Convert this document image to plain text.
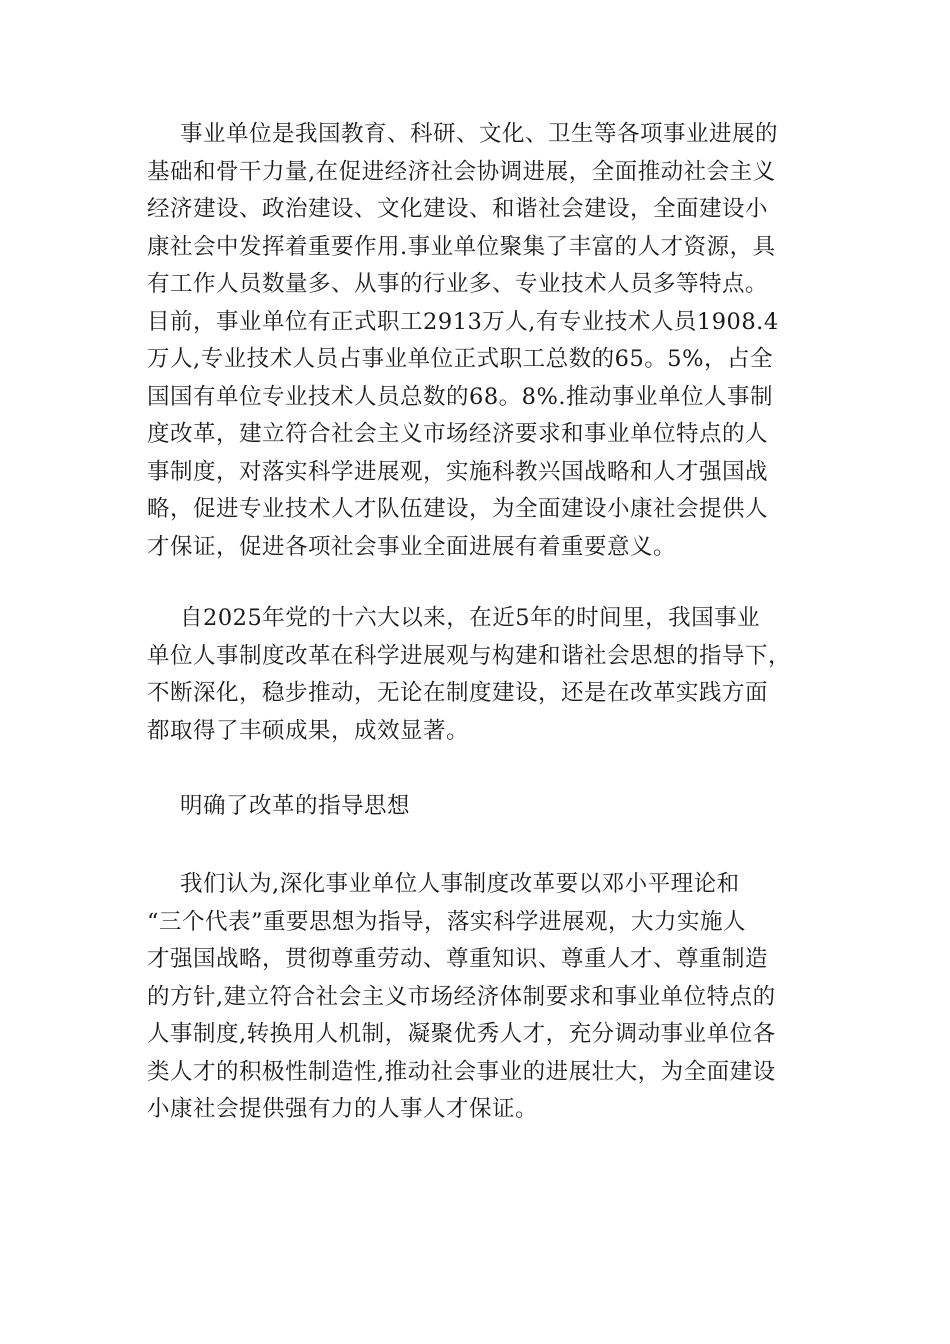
事业单位是我国教育、科研、文化、卫生等各项事业进展的
基础和骨干力量,在促进经济社会协调进展，全面推动社会主义
经济建设、政治建设、文化建设、和谐社会建设，全面建设小
康社会中发挥着重要作用.事业单位聚集了丰富的人才资源，具
有工作人员数量多、从事的行业多、专业技术人员多等特点。
目前，事业单位有正式职工2913万人,有专业技术人员1908.4
万人,专业技术人员占事业单位正式职工总数的65。5%，占全
国国有单位专业技术人员总数的68。8%.推动事业单位人事制
度改革，建立符合社会主义市场经济要求和事业单位特点的人
事制度，对落实科学进展观，实施科教兴国战略和人才强国战
略，促进专业技术人才队伍建设，为全面建设小康社会提供人
才保证，促进各项社会事业全面进展有着重要意义。

自2025年党的十六大以来，在近5年的时间里，我国事业
单位人事制度改革在科学进展观与构建和谐社会思想的指导下，
不断深化，稳步推动，无论在制度建设，还是在改革实践方面
都取得了丰硕成果，成效显著。

明确了改革的指导思想

我们认为,深化事业单位人事制度改革要以邓小平理论和
“三个代表”重要思想为指导，落实科学进展观，大力实施人
才强国战略，贯彻尊重劳动、尊重知识、尊重人才、尊重制造
的方针,建立符合社会主义市场经济体制要求和事业单位特点的
人事制度,转换用人机制，凝聚优秀人才，充分调动事业单位各
类人才的积极性制造性,推动社会事业的进展壮大，为全面建设
小康社会提供强有力的人事人才保证。
